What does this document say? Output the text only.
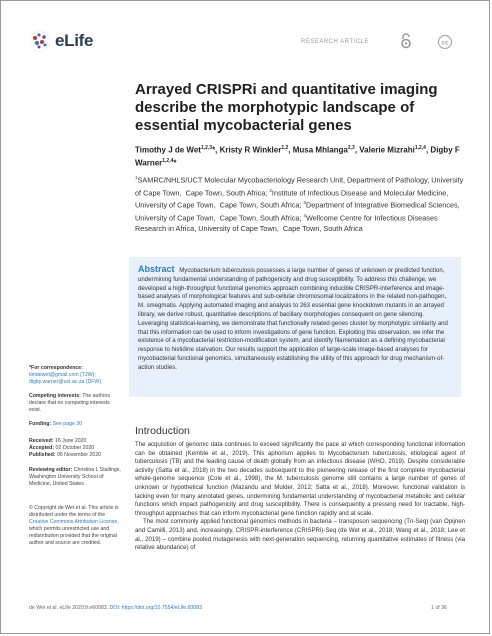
eLife	RESEARCH ARTICLE	cc
Arrayed CRISPRi and quantitative imaging describe the morphotypic landscape of essential mycobacterial genes
Timothy J de Wet$^{1,2,3}$*, Kristy R Winkler$^{1,2}$, Musa Mhlanga$^{2,3}$, Valerie Mizrahi$^{1,2,4}$, Digby F Warner$^{1,2,4}$*
$^1$SAMRC/NHLS/UCT Molecular Mycobacteriology Research Unit, Department of Pathology, University of Cape Town,  Cape Town, South Africa; $^2$Institute of Infectious Disease and Molecular Medicine, University of Cape Town,  Cape Town, South Africa; $^3$Department of Integrative Biomedical Sciences, University of Cape Town,  Cape Town, South Africa; $^4$Wellcome Centre for Infectious Diseases Research in Africa, University of Cape Town,  Cape Town, South Africa
Abstract Mycobacterium tuberculosis possesses a large number of genes of unknown or predicted function, undermining fundamental understanding of pathogenicity and drug susceptibility. To address this challenge, we developed a high-throughput functional genomics approach combining inducible CRISPR-interference and image-based analyses of morphological features and sub-cellular chromosomal localizations in the related non-pathogen, M. smegmatis. Applying automated imaging and analysis to 263 essential gene knockdown mutants in an arrayed library, we derive robust, quantitative descriptions of bacillary morphologies consequent on gene silencing. Leveraging statistical-learning, we demonstrate that functionally related genes cluster by morphotypic similarity and that this information can be used to inform investigations of gene function. Exploiting this observation, we infer the existence of a mycobacterial restriction-modification system, and identify filamentation as a defining mycobacterial response to histidine starvation. Our results support the application of large-scale image-based analyses for mycobacterial functional genomics, simultaneously establishing the utility of this approach for drug mechanism-of-action studies.
*For correspondence:
timdewet@gmail.com (TJW); digby.warner@uct.ac.za (DFW)
Competing interests: The authors declare that no competing interests exist.
Funding: See page 30
Received: 16 June 2020
Accepted: 02 October 2020
Published: 06 November 2020
Reviewing editor: Christina L Stallings, Washington University School of Medicine, United States
© Copyright de Wet et al. This article is distributed under the terms of the Creative Commons Attribution License, which permits unrestricted use and redistribution provided that the original author and source are credited.
Introduction

The acquisition of genomic data continues to exceed significantly the pace at which corresponding functional information can be obtained (Kemble et al., 2019). This aphorism applies to Mycobacterium tuberculosis, etiological agent of tuberculosis (TB) and the leading cause of death globally from an infectious disease (WHO, 2019). Despite considerable activity (Satta et al., 2018) in the two decades subsequent to the pioneering release of the first complete mycobacterial whole-genome sequence (Cole et al., 1998), the M. tuberculosis genome still contains a large number of genes of unknown or hypothetical function (Mazandu and Mulder, 2012; Satta et al., 2018). Moreover, functional validation is lacking even for many annotated genes, undermining fundamental understanding of mycobacterial metabolic and cellular functions which impact pathogenicity and drug susceptibility. There is consequently a pressing need for tractable, high-throughput approaches that can inform mycobacterial gene function rapidly and at scale.

The most commonly applied functional genomics methods in bacteria – transposon sequencing (Tn-Seq) (van Opijnen and Camilli, 2013) and, increasingly, CRISPR-interference (CRISPRi)-Seq (de Wet et al., 2018; Wang et al., 2018; Lee et al., 2019) – combine pooled mutagenesis with next-generation sequencing, returning quantitative estimates of fitness (via relative abundance) of

de Wet et al. eLife 2020;9:e60083. DOI: https://doi.org/10.7554/eLife.60083	1 of 36
